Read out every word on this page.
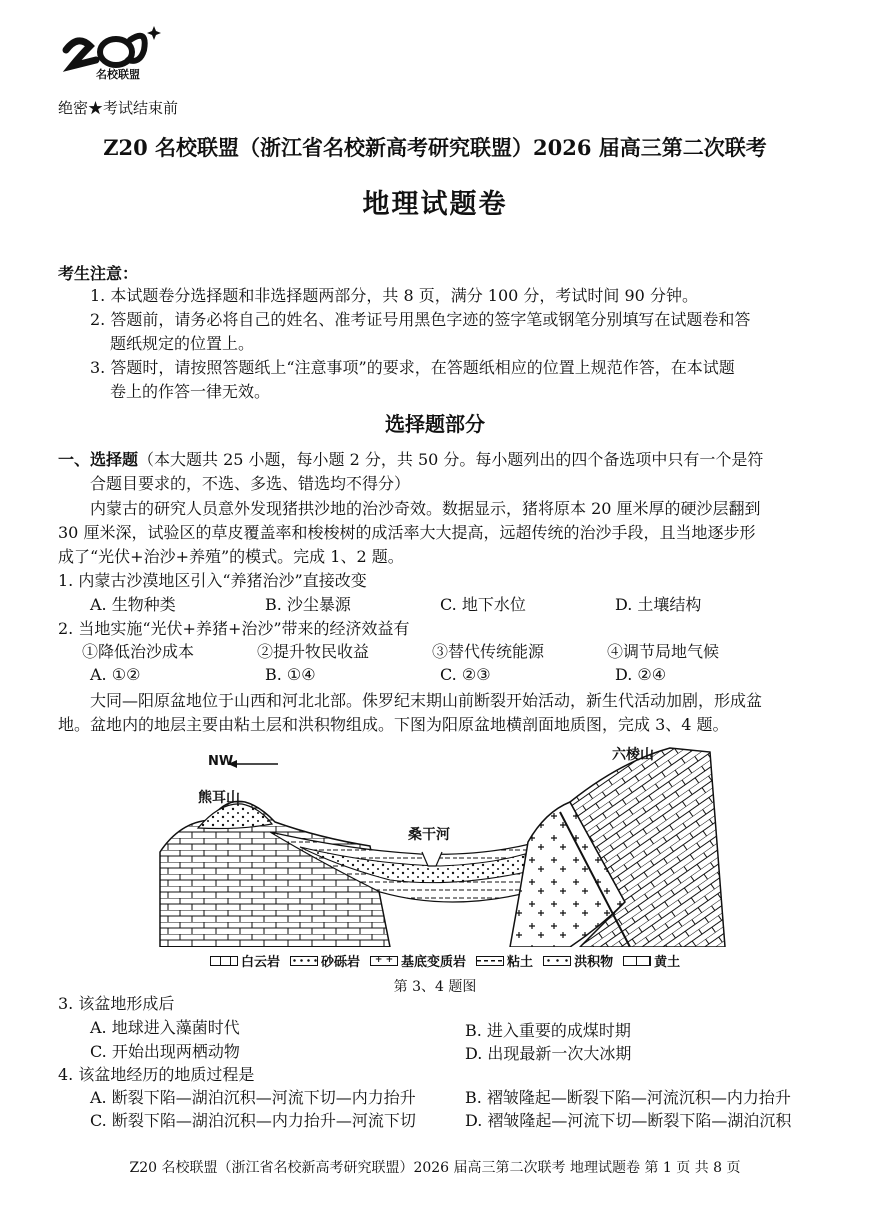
名校联盟
绝密★考试结束前
Z20 名校联盟（浙江省名校新高考研究联盟）2026 届高三第二次联考
地理试题卷
考生注意：
1. 本试题卷分选择题和非选择题两部分，共 8 页，满分 100 分，考试时间 90 分钟。
2. 答题前，请务必将自己的姓名、准考证号用黑色字迹的签字笔或钢笔分别填写在试题卷和答
题纸规定的位置上。
3. 答题时，请按照答题纸上“注意事项”的要求，在答题纸相应的位置上规范作答，在本试题
卷上的作答一律无效。
选择题部分
一、选择题（本大题共 25 小题，每小题 2 分，共 50 分。每小题列出的四个备选项中只有一个是符
合题目要求的，不选、多选、错选均不得分）
内蒙古的研究人员意外发现猪拱沙地的治沙奇效。数据显示，猪将原本 20 厘米厚的硬沙层翻到
30 厘米深，试验区的草皮覆盖率和梭梭树的成活率大大提高，远超传统的治沙手段，且当地逐步形
成了“光伏+治沙+养殖”的模式。完成 1、2 题。
1. 内蒙古沙漠地区引入“养猪治沙”直接改变
A. 生物种类	B. 沙尘暴源	C. 地下水位	D. 土壤结构
2. 当地实施“光伏+养猪+治沙”带来的经济效益有
①降低治沙成本	②提升牧民收益	③替代传统能源	④调节局地气候
A. ①②	B. ①④	C. ②③	D. ②④
大同—阳原盆地位于山西和河北北部。侏罗纪末期山前断裂开始活动，新生代活动加剧，形成盆
地。盆地内的地层主要由粘土层和洪积物组成。下图为阳原盆地横剖面地质图，完成 3、4 题。
NW
熊耳山
六棱山
桑干河
白云岩	砂砾岩	+ + 基底变质岩	粘土	洪积物	黄土
第 3、4 题图
3. 该盆地形成后
A. 地球进入藻菌时代	B. 进入重要的成煤时期
C. 开始出现两栖动物	D. 出现最新一次大冰期
4. 该盆地经历的地质过程是
A. 断裂下陷—湖泊沉积—河流下切—内力抬升	B. 褶皱隆起—断裂下陷—河流沉积—内力抬升
C. 断裂下陷—湖泊沉积—内力抬升—河流下切	D. 褶皱隆起—河流下切—断裂下陷—湖泊沉积
Z20 名校联盟（浙江省名校新高考研究联盟）2026 届高三第二次联考 地理试题卷 第 1 页 共 8 页
